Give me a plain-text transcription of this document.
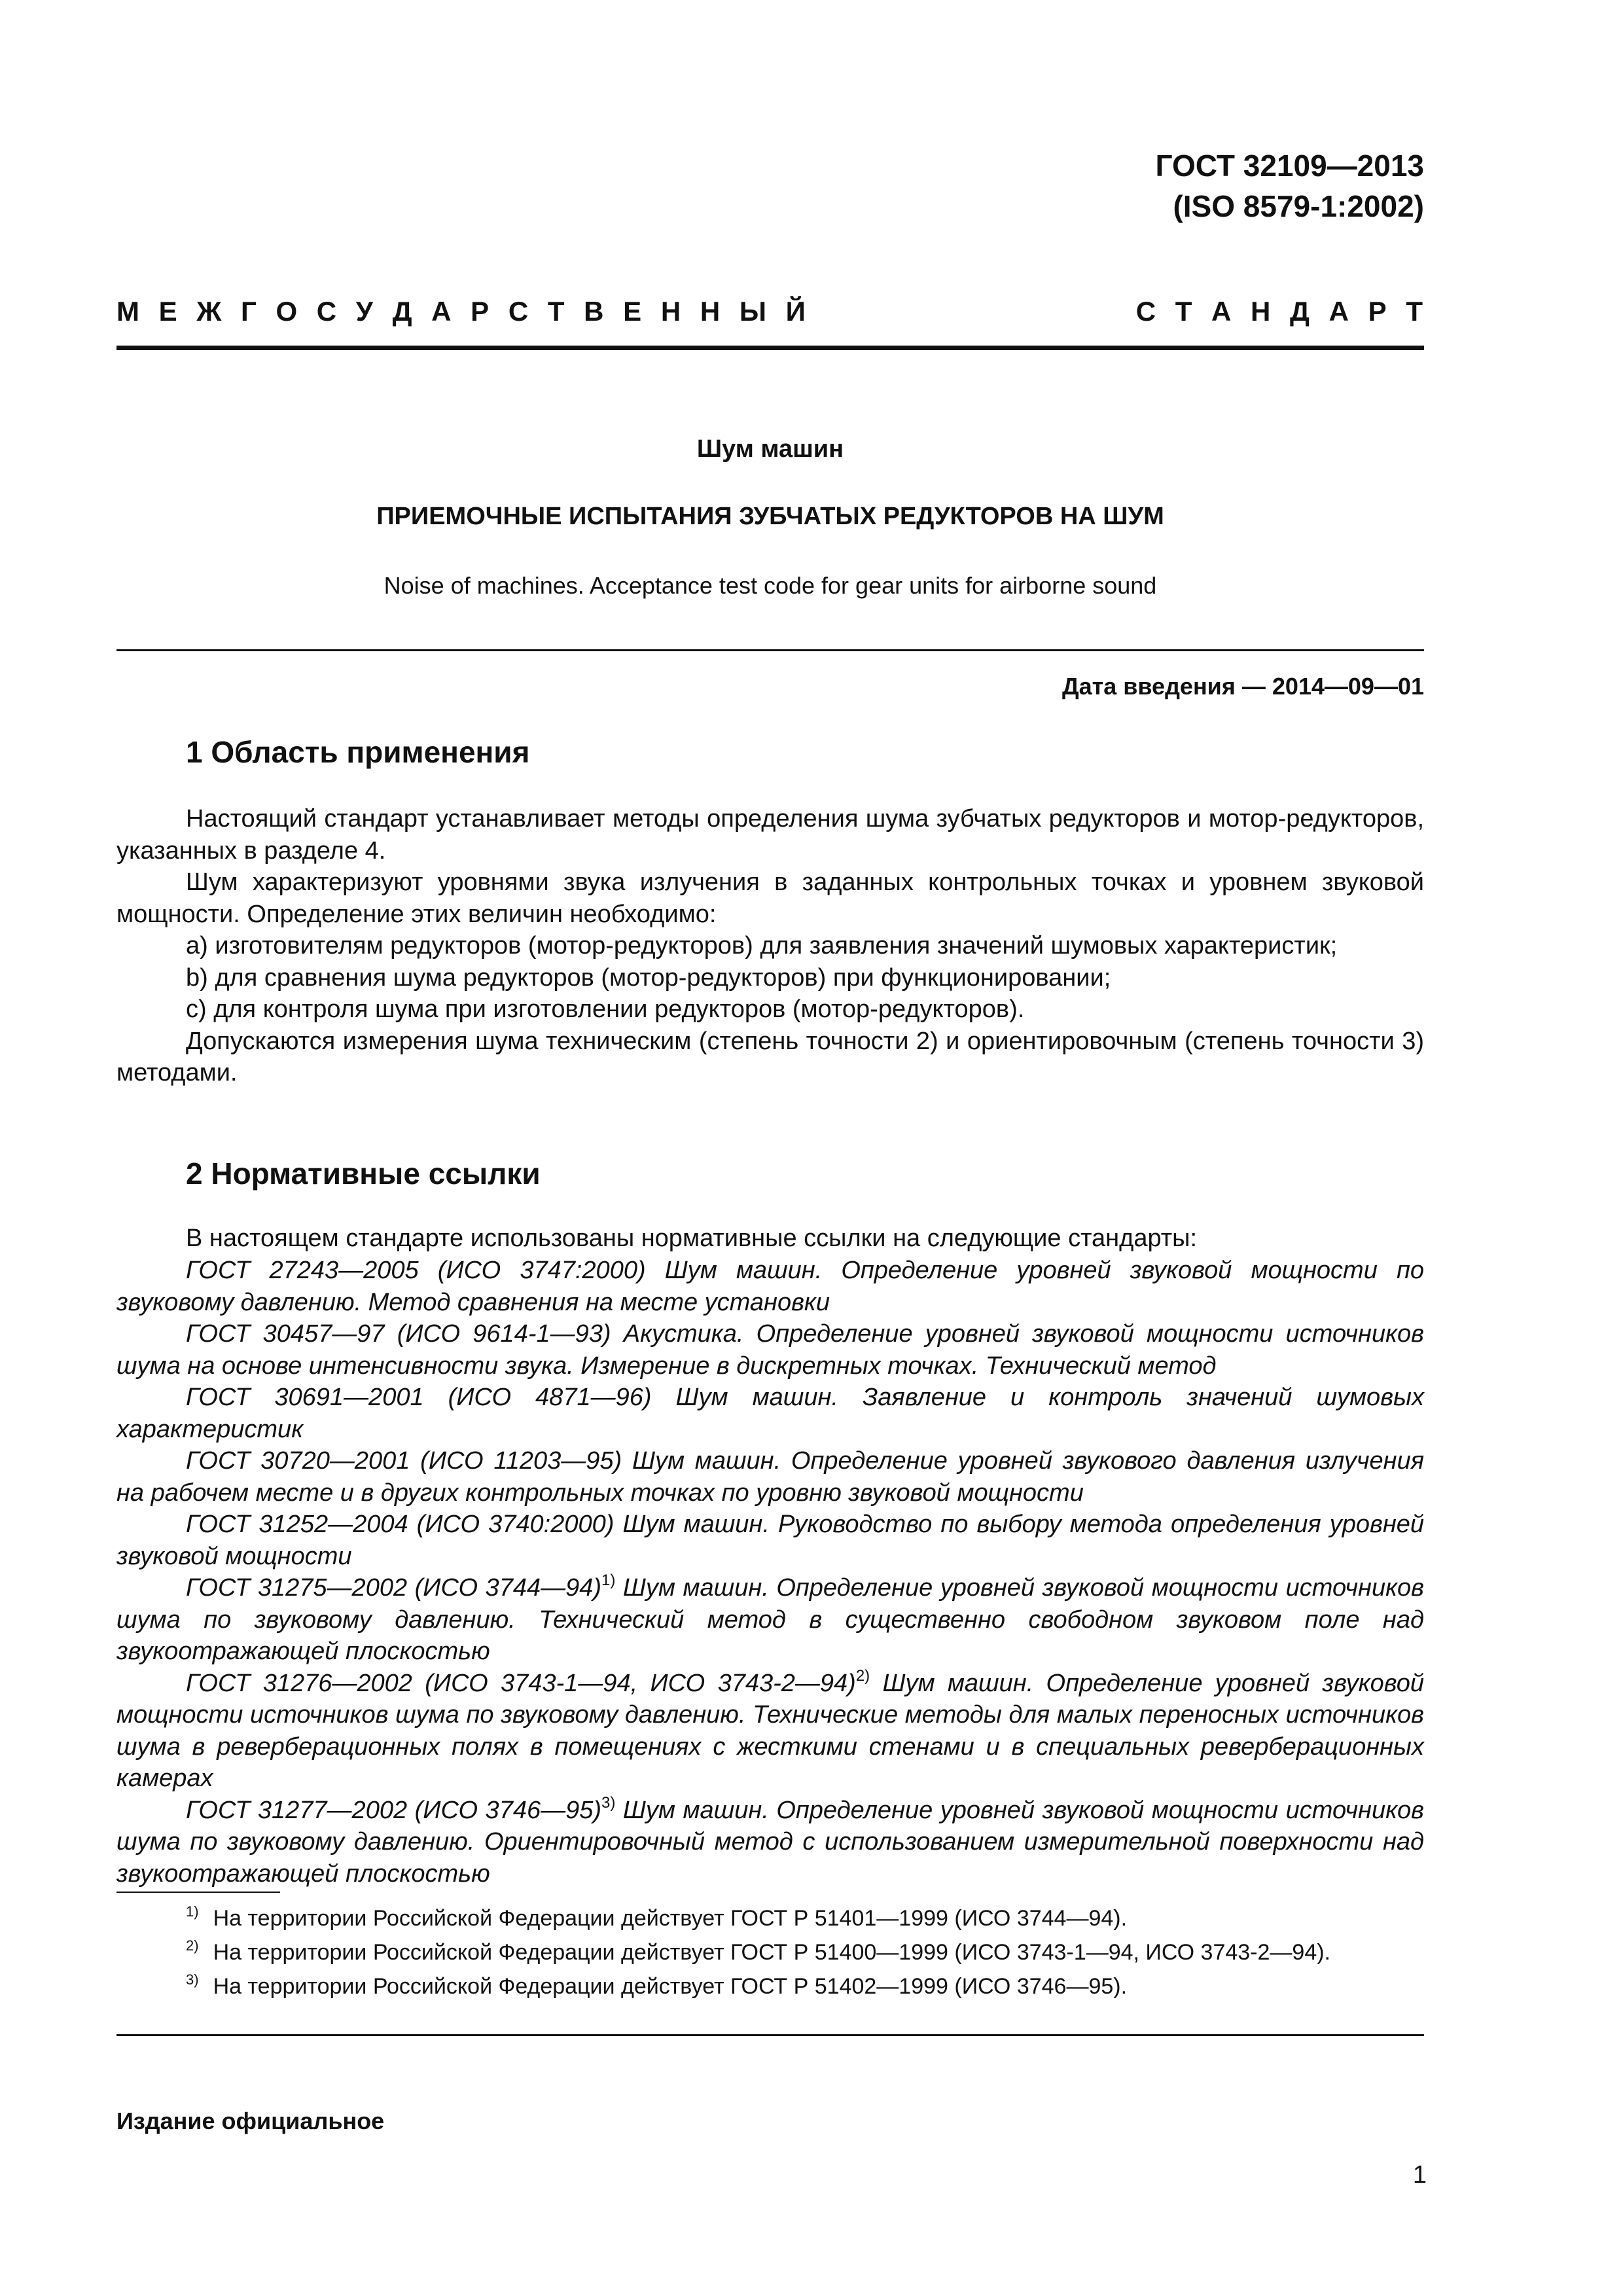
ГОСТ 32109—2013
(ISO 8579-1:2002)
М Е Ж Г О С У Д А Р С Т В Е Н Н Ы Й	С Т А Н Д А Р Т
Шум машин
ПРИЕМОЧНЫЕ ИСПЫТАНИЯ ЗУБЧАТЫХ РЕДУКТОРОВ НА ШУМ
Noise of machines. Acceptance test code for gear units for airborne sound
Дата введения — 2014—09—01
1 Область применения

Настоящий стандарт устанавливает методы определения шума зубчатых редукторов и мотор-редукторов, указанных в разделе 4.

Шум характеризуют уровнями звука излучения в заданных контрольных точках и уровнем звуковой мощности. Определение этих величин необходимо:

a) изготовителям редукторов (мотор-редукторов) для заявления значений шумовых характеристик;

b) для сравнения шума редукторов (мотор-редукторов) при функционировании;

c) для контроля шума при изготовлении редукторов (мотор-редукторов).

Допускаются измерения шума техническим (степень точности 2) и ориентировочным (степень точности 3) методами.

2 Нормативные ссылки

В настоящем стандарте использованы нормативные ссылки на следующие стандарты:

ГОСТ 27243—2005 (ИСО 3747:2000) Шум машин. Определение уровней звуковой мощности по звуковому давлению. Метод сравнения на месте установки

ГОСТ 30457—97 (ИСО 9614-1—93) Акустика. Определение уровней звуковой мощности источников шума на основе интенсивности звука. Измерение в дискретных точках. Технический метод

ГОСТ 30691—2001 (ИСО 4871—96) Шум машин. Заявление и контроль значений шумовых характеристик

ГОСТ 30720—2001 (ИСО 11203—95) Шум машин. Определение уровней звукового давления излучения на рабочем месте и в других контрольных точках по уровню звуковой мощности

ГОСТ 31252—2004 (ИСО 3740:2000) Шум машин. Руководство по выбору метода определения уровней звуковой мощности

ГОСТ 31275—2002 (ИСО 3744—94)$^{1)}$ Шум машин. Определение уровней звуковой мощности источников шума по звуковому давлению. Технический метод в существенно свободном звуковом поле над звукоотражающей плоскостью

ГОСТ 31276—2002 (ИСО 3743-1—94, ИСО 3743-2—94)$^{2)}$ Шум машин. Определение уровней звуковой мощности источников шума по звуковому давлению. Технические методы для малых переносных источников шума в реверберационных полях в помещениях с жесткими стенами и в специальных реверберационных камерах

ГОСТ 31277—2002 (ИСО 3746—95)$^{3)}$ Шум машин. Определение уровней звуковой мощности источников шума по звуковому давлению. Ориентировочный метод с использованием измерительной поверхности над звукоотражающей плоскостью

$^{1)}$ На территории Российской Федерации действует ГОСТ Р 51401—1999 (ИСО 3744—94).
$^{2)}$ На территории Российской Федерации действует ГОСТ Р 51400—1999 (ИСО 3743-1—94, ИСО 3743-2—94).
$^{3)}$ На территории Российской Федерации действует ГОСТ Р 51402—1999 (ИСО 3746—95).
Издание официальное
1
